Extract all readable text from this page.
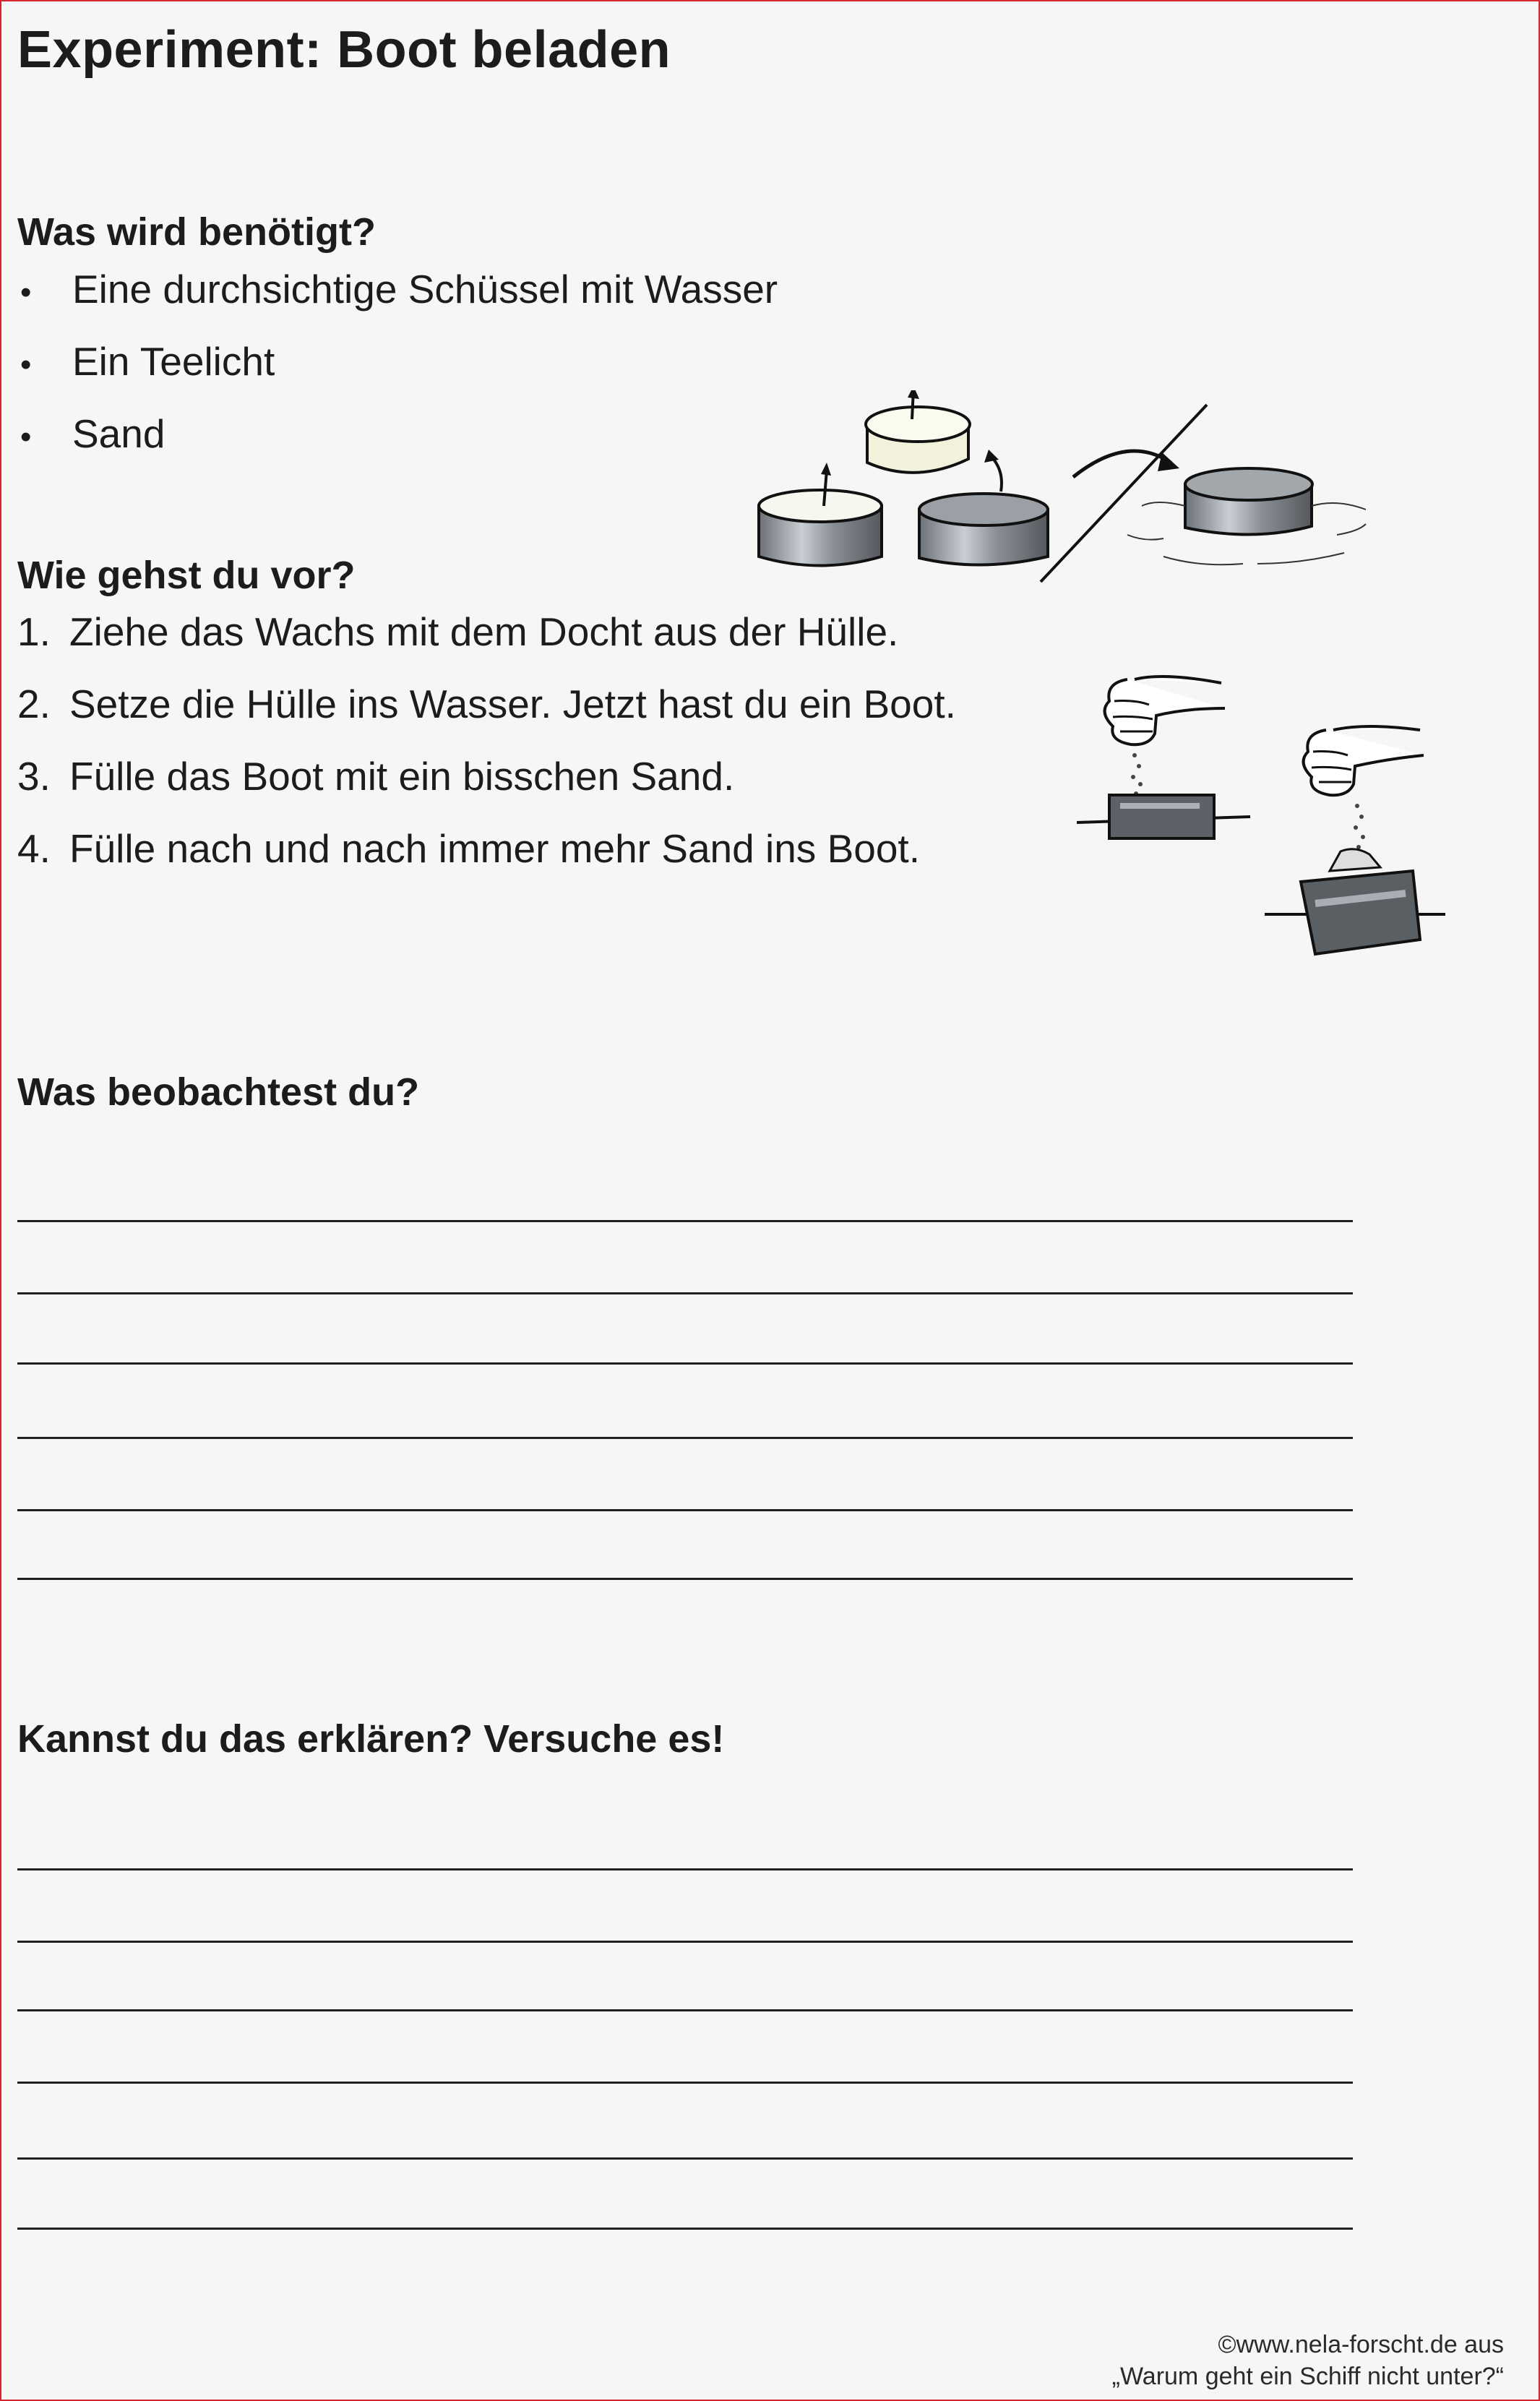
Experiment: Boot beladen
Was wird benötigt?
•	Eine durchsichtige Schüssel mit Wasser
•	Ein Teelicht
•	Sand
Wie gehst du vor?
1. Ziehe das Wachs mit dem Docht aus der Hülle.
2. Setze die Hülle ins Wasser. Jetzt hast du ein Boot.
3. Fülle das Boot mit ein bisschen Sand.
4. Fülle nach und nach immer mehr Sand ins Boot.
Was beobachtest du?
Kannst du das erklären? Versuche es!
©www.nela-forscht.de aus
„Warum geht ein Schiff nicht unter?“
